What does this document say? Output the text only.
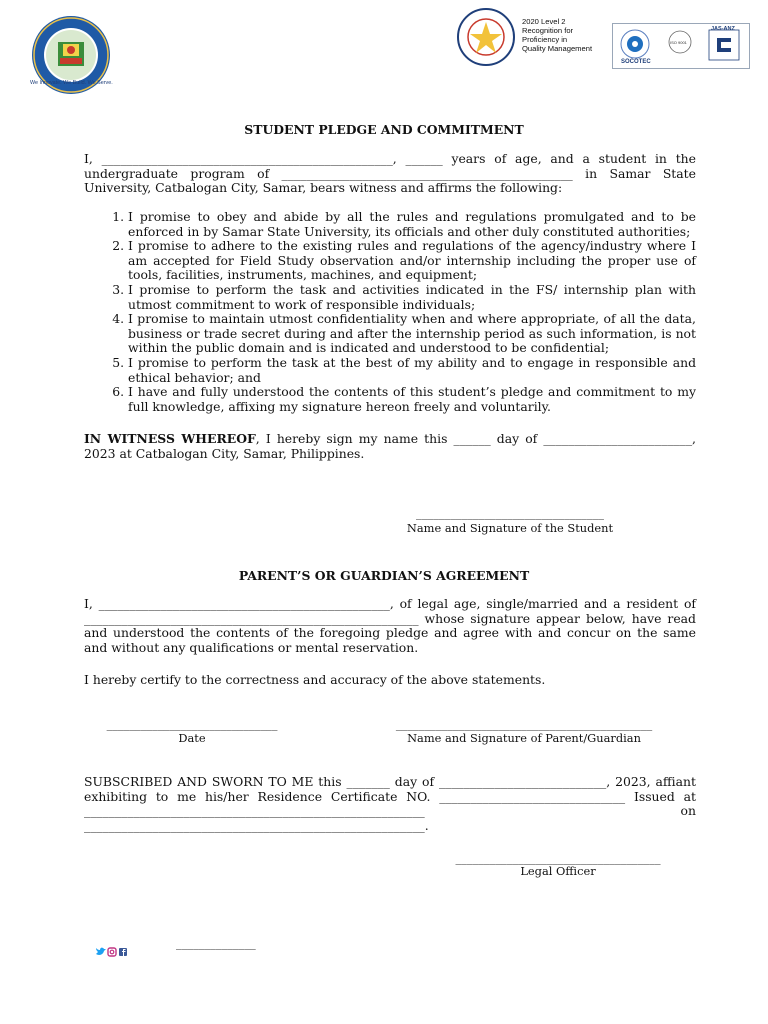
We Innovate. We Build. We Serve.
2020 Level 2
Recognition for
Proficiency in
Quality Management
SOCOTEC
ISO 9001
JAS-ANZ
STUDENT PLEDGE AND COMMITMENT
I, _______________________________________________, ______ years of age, and a student in the undergraduate program of _______________________________________________ in Samar State University, Catbalogan City, Samar, bears witness and affirms the following:
1. I promise to obey and abide by all the rules and regulations promulgated and to be enforced in by Samar State University, its officials and other duly constituted authorities;
2. I promise to adhere to the existing rules and regulations of the agency/industry where I am accepted for Field Study observation and/or internship including the proper use of tools, facilities, instruments, machines, and equipment;
3. I promise to perform the task and activities indicated in the FS/ internship plan with utmost commitment to work of responsible individuals;
4. I promise to maintain utmost confidentiality when and where appropriate, of all the data, business or trade secret during and after the internship period as such information, is not within the public domain and is indicated and understood to be confidential;
5. I promise to perform the task at the best of my ability and to engage in responsible and ethical behavior; and
6. I have and fully understood the contents of this student’s pledge and commitment to my full knowledge, affixing my signature hereon freely and voluntarily.
IN WITNESS WHEREOF, I hereby sign my name this ______ day of ________________________, 2023 at Catbalogan City, Samar, Philippines.
_________________________________
Name and Signature of the Student
PARENT’S OR GUARDIAN’S AGREEMENT
I, _______________________________________________, of legal age, single/married and a resident of ______________________________________________________ whose signature appear below, have read and understood the contents of the foregoing pledge and agree with and concur on the same and without any qualifications or mental reservation.
I hereby certify to the correctness and accuracy of the above statements.
______________________________
Date
_____________________________________________
Name and Signature of Parent/Guardian
SUBSCRIBED AND SWORN TO ME this _______ day of ___________________________, 2023, affiant exhibiting to me his/her Residence Certificate NO. ______________________________ Issued at _______________________________________________________ on _______________________________________________________.
____________________________________
Legal Officer
______________
